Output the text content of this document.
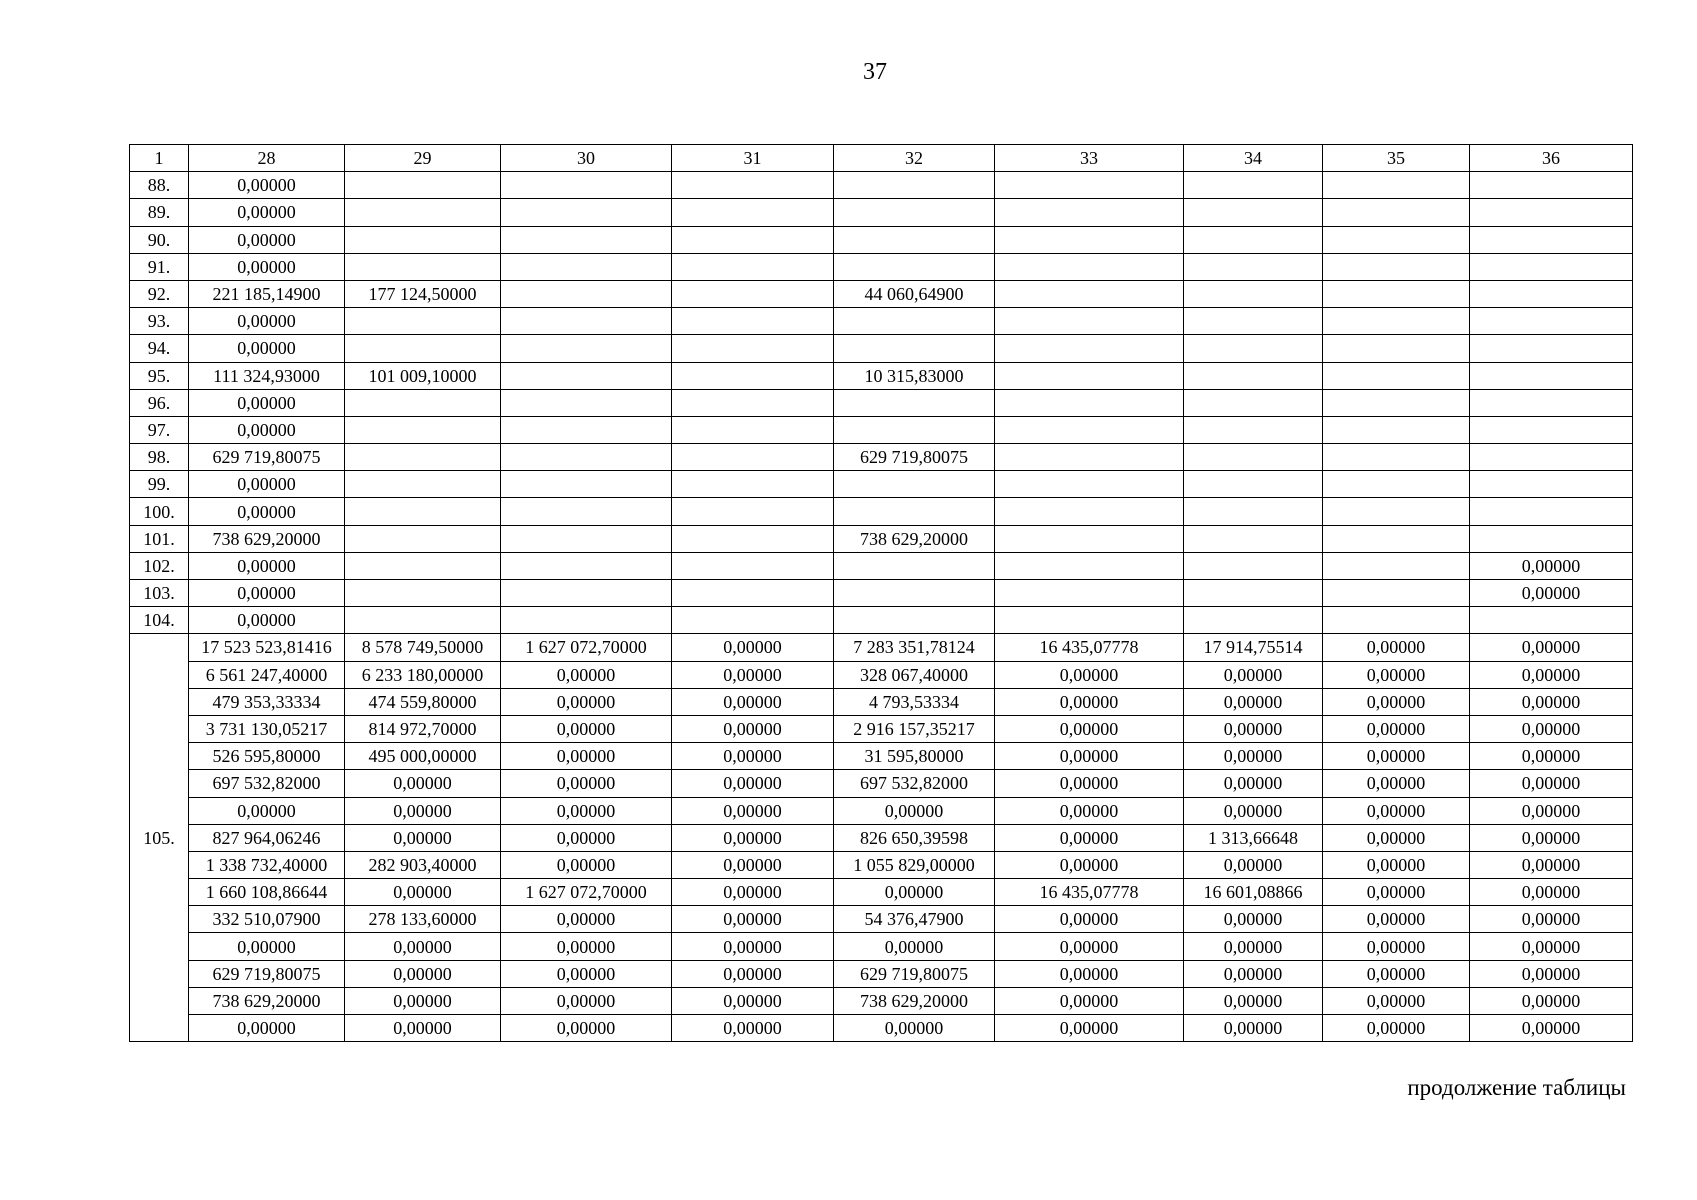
37
1	28	29	30	31	32	33	34	35	36
88.	0,00000								
89.	0,00000								
90.	0,00000								
91.	0,00000								
92.	221 185,14900	177 124,50000			44 060,64900				
93.	0,00000								
94.	0,00000								
95.	111 324,93000	101 009,10000			10 315,83000				
96.	0,00000								
97.	0,00000								
98.	629 719,80075				629 719,80075				
99.	0,00000								
100.	0,00000								
101.	738 629,20000				738 629,20000				
102.	0,00000								0,00000
103.	0,00000								0,00000
104.	0,00000								
105.	17 523 523,81416	8 578 749,50000	1 627 072,70000	0,00000	7 283 351,78124	16 435,07778	17 914,75514	0,00000	0,00000
	6 561 247,40000	6 233 180,00000	0,00000	0,00000	328 067,40000	0,00000	0,00000	0,00000	0,00000
	479 353,33334	474 559,80000	0,00000	0,00000	4 793,53334	0,00000	0,00000	0,00000	0,00000
	3 731 130,05217	814 972,70000	0,00000	0,00000	2 916 157,35217	0,00000	0,00000	0,00000	0,00000
	526 595,80000	495 000,00000	0,00000	0,00000	31 595,80000	0,00000	0,00000	0,00000	0,00000
	697 532,82000	0,00000	0,00000	0,00000	697 532,82000	0,00000	0,00000	0,00000	0,00000
	0,00000	0,00000	0,00000	0,00000	0,00000	0,00000	0,00000	0,00000	0,00000
	827 964,06246	0,00000	0,00000	0,00000	826 650,39598	0,00000	1 313,66648	0,00000	0,00000
	1 338 732,40000	282 903,40000	0,00000	0,00000	1 055 829,00000	0,00000	0,00000	0,00000	0,00000
	1 660 108,86644	0,00000	1 627 072,70000	0,00000	0,00000	16 435,07778	16 601,08866	0,00000	0,00000
	332 510,07900	278 133,60000	0,00000	0,00000	54 376,47900	0,00000	0,00000	0,00000	0,00000
	0,00000	0,00000	0,00000	0,00000	0,00000	0,00000	0,00000	0,00000	0,00000
	629 719,80075	0,00000	0,00000	0,00000	629 719,80075	0,00000	0,00000	0,00000	0,00000
	738 629,20000	0,00000	0,00000	0,00000	738 629,20000	0,00000	0,00000	0,00000	0,00000
	0,00000	0,00000	0,00000	0,00000	0,00000	0,00000	0,00000	0,00000	0,00000
продолжение таблицы
